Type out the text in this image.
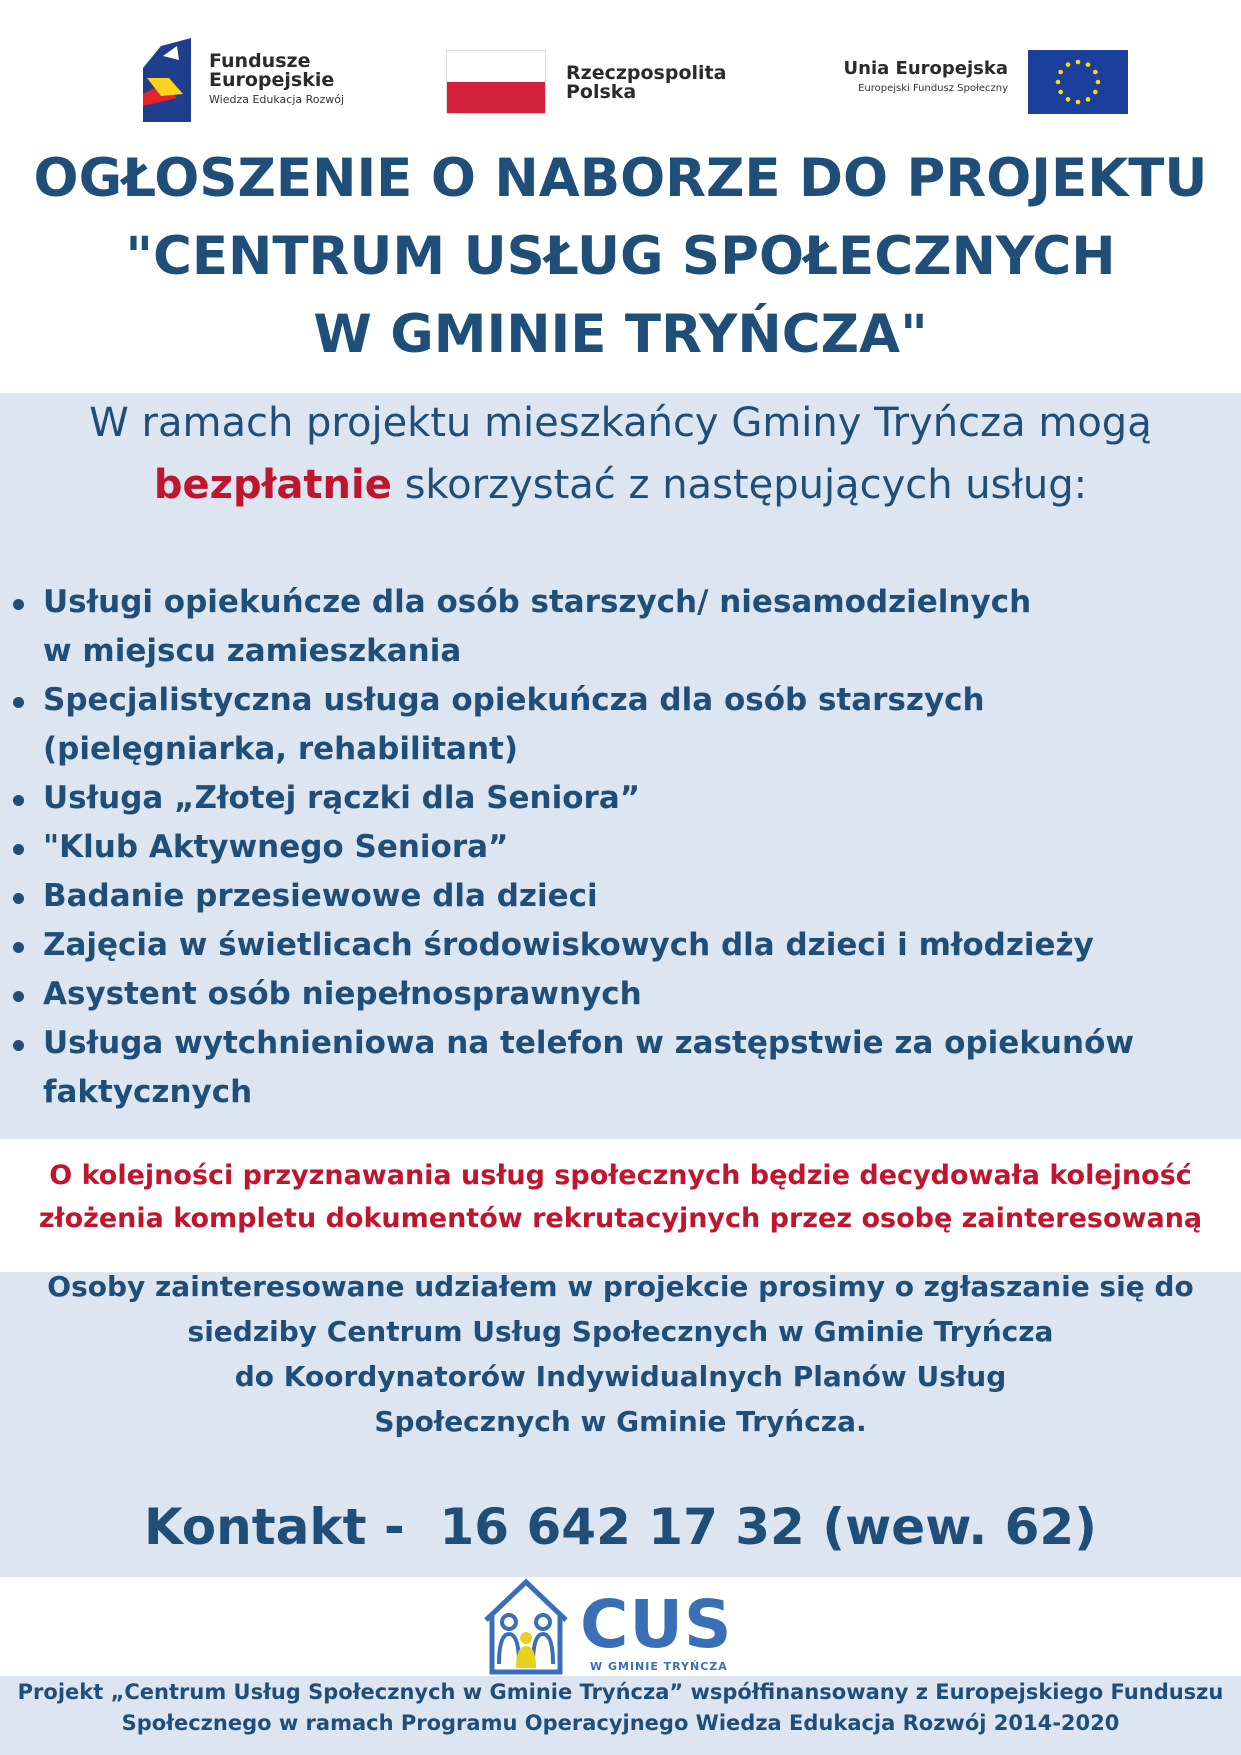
Fundusze
Europejskie
Wiedza Edukacja Rozwój
Rzeczpospolita
Polska
Unia Europejska
Europejski Fundusz Społeczny
OGŁOSZENIE O NABORZE DO PROJEKTU
"CENTRUM USŁUG SPOŁECZNYCH
W GMINIE TRYŃCZA"
W ramach projektu mieszkańcy Gminy Tryńcza mogą
bezpłatnie skorzystać z następujących usług:
Usługi opiekuńcze dla osób starszych/ niesamodzielnych
w miejscu zamieszkania
Specjalistyczna usługa opiekuńcza dla osób starszych
(pielęgniarka, rehabilitant)
Usługa „Złotej rączki dla Seniora”
"Klub Aktywnego Seniora”
Badanie przesiewowe dla dzieci
Zajęcia w świetlicach środowiskowych dla dzieci i młodzieży
Asystent osób niepełnosprawnych
Usługa wytchnieniowa na telefon w zastępstwie za opiekunów
faktycznych
O kolejności przyznawania usług społecznych będzie decydowała kolejność
złożenia kompletu dokumentów rekrutacyjnych przez osobę zainteresowaną
Osoby zainteresowane udziałem w projekcie prosimy o zgłaszanie się do
siedziby Centrum Usług Społecznych w Gminie Tryńcza
do Koordynatorów Indywidualnych Planów Usług
Społecznych w Gminie Tryńcza.
Kontakt -  16 642 17 32 (wew. 62)
CUS
W GMINIE TRYŃCZA
Projekt „Centrum Usług Społecznych w Gminie Tryńcza” współfinansowany z Europejskiego Funduszu
Społecznego w ramach Programu Operacyjnego Wiedza Edukacja Rozwój 2014-2020
